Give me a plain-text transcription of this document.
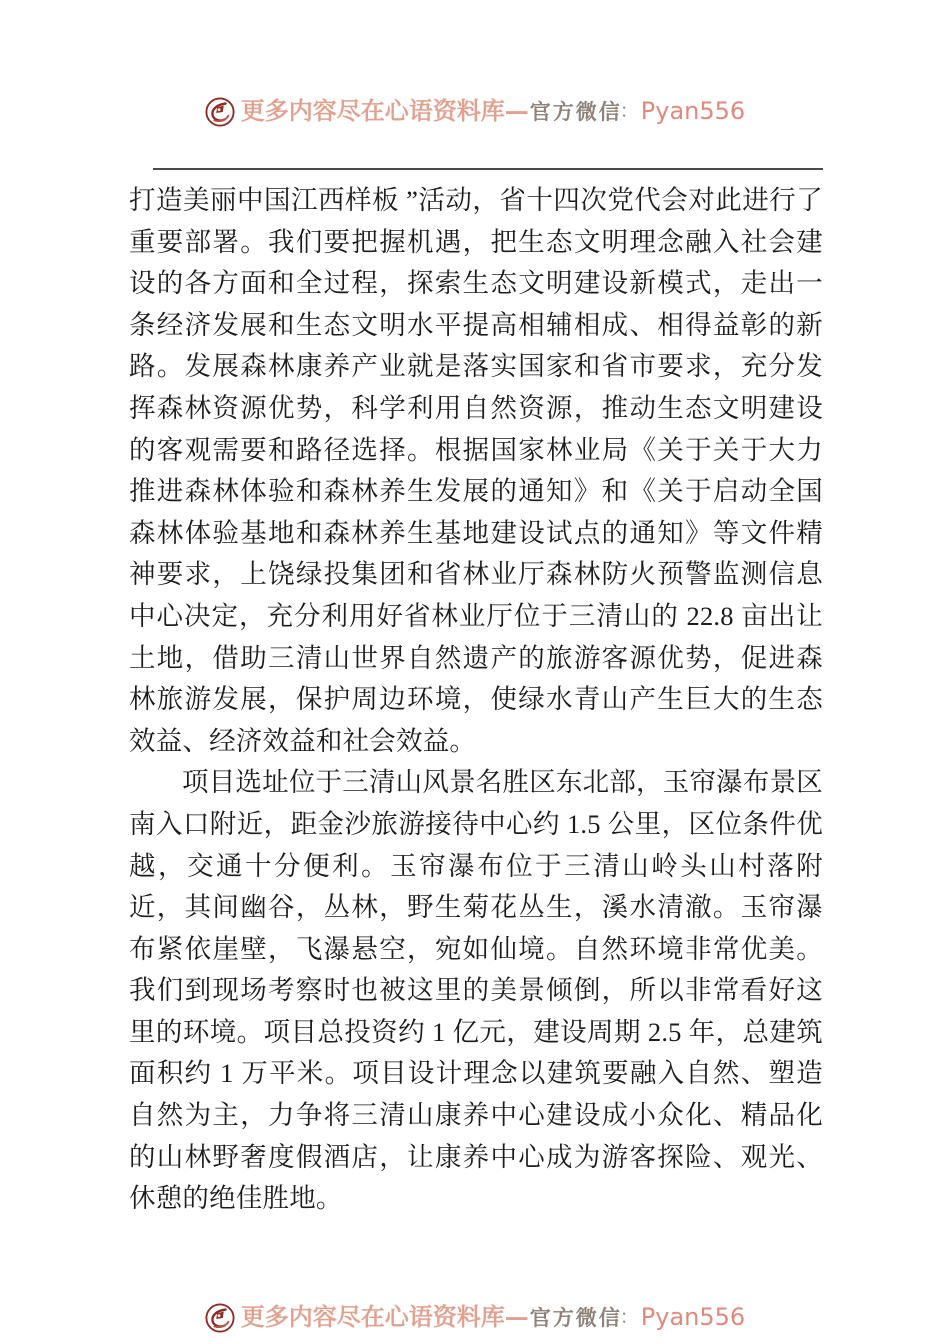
更多内容尽在心语资料库 — 官方微信
： Pyan556

打造美丽中国江西样板 ”活动，省十四次党代会对此进行了重要部署。我们要把握机遇，把生态文明理念融入社会建设的各方面和全过程，探索生态文明建设新模式，走出一条经济发展和生态文明水平提高相辅相成、相得益彰的新路。发展森林康养产业就是落实国家和省市要求，充分发挥森林资源优势，科学利用自然资源，推动生态文明建设的客观需要和路径选择。根据国家林业局《关于关于大力推进森林体验和森林养生发展的通知》和《关于启动全国森林体验基地和森林养生基地建设试点的通知》等文件精神要求，上饶绿投集团和省林业厅森林防火预警监测信息中心决定，充分利用好省林业厅位于三清山的 22.8 亩出让土地，借助三清山世界自然遗产的旅游客源优势，促进森林旅游发展，保护周边环境，使绿水青山产生巨大的生态效益、经济效益和社会效益。

项目选址位于三清山风景名胜区东北部，玉帘瀑布景区南入口附近，距金沙旅游接待中心约 1.5 公里，区位条件优越，交通十分便利。玉帘瀑布位于三清山岭头山村落附近，其间幽谷，丛林，野生菊花丛生，溪水清澈。玉帘瀑布紧依崖壁，飞瀑悬空，宛如仙境。自然环境非常优美。我们到现场考察时也被这里的美景倾倒，所以非常看好这里的环境。项目总投资约 1 亿元，建设周期 2.5 年，总建筑面积约 1 万平米。项目设计理念以建筑要融入自然、塑造自然为主，力争将三清山康养中心建设成小众化、精品化的山林野奢度假酒店，让康养中心成为游客探险、观光、休憩的绝佳胜地。

更多内容尽在心语资料库 — 官方微信
： Pyan556
